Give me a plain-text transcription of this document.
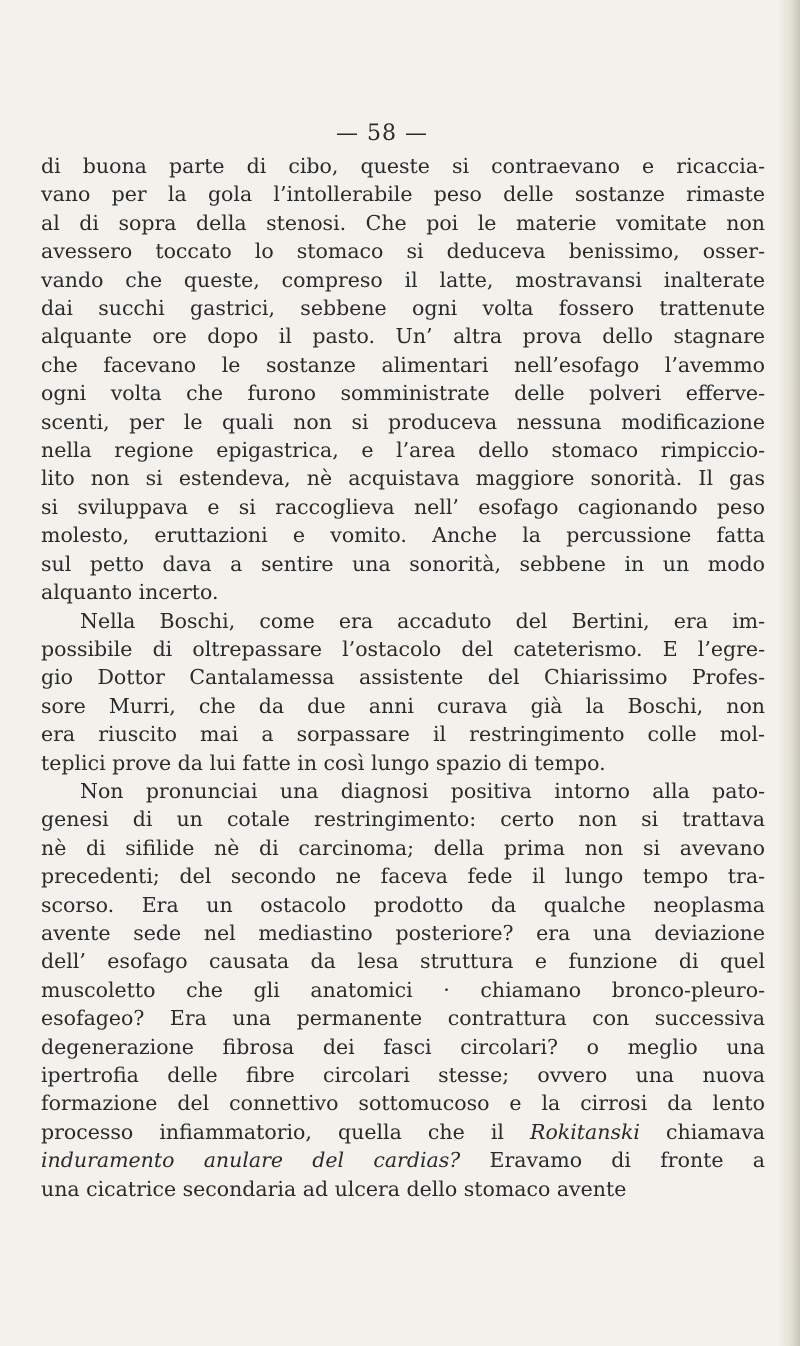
— 58 —

di buona parte di cibo, queste si contraevano e ricaccia-
vano per la gola l’intollerabile peso delle sostanze rimaste
al di sopra della stenosi. Che poi le materie vomitate non
avessero toccato lo stomaco si deduceva benissimo, osser-
vando che queste, compreso il latte, mostravansi inalterate
dai succhi gastrici, sebbene ogni volta fossero trattenute
alquante ore dopo il pasto. Un’ altra prova dello stagnare
che facevano le sostanze alimentari nell’esofago l’avemmo
ogni volta che furono somministrate delle polveri efferve-
scenti, per le quali non si produceva nessuna modificazione
nella regione epigastrica, e l’area dello stomaco rimpiccio-
lito non si estendeva, nè acquistava maggiore sonorità. Il gas
si sviluppava e si raccoglieva nell’ esofago cagionando peso
molesto, eruttazioni e vomito. Anche la percussione fatta
sul petto dava a sentire una sonorità, sebbene in un modo
alquanto incerto.

Nella Boschi, come era accaduto del Bertini, era im-
possibile di oltrepassare l’ostacolo del cateterismo. E l’egre-
gio Dottor Cantalamessa assistente del Chiarissimo Profes-
sore Murri, che da due anni curava già la Boschi, non
era riuscito mai a sorpassare il restringimento colle mol-
teplici prove da lui fatte in così lungo spazio di tempo.

Non pronunciai una diagnosi positiva intorno alla pato-
genesi di un cotale restringimento: certo non si trattava
nè di sifilide nè di carcinoma; della prima non si avevano
precedenti; del secondo ne faceva fede il lungo tempo tra-
scorso. Era un ostacolo prodotto da qualche neoplasma
avente sede nel mediastino posteriore? era una deviazione
dell’ esofago causata da lesa struttura e funzione di quel
muscoletto che gli anatomici · chiamano bronco-pleuro-
esofageo? Era una permanente contrattura con successiva
degenerazione fibrosa dei fasci circolari? o meglio una
ipertrofia delle fibre circolari stesse; ovvero una nuova
formazione del connettivo sottomucoso e la cirrosi da lento
processo infiammatorio, quella che il Rokitanski chiamava
induramento anulare del cardias? Eravamo di fronte a
una cicatrice secondaria ad ulcera dello stomaco avente
